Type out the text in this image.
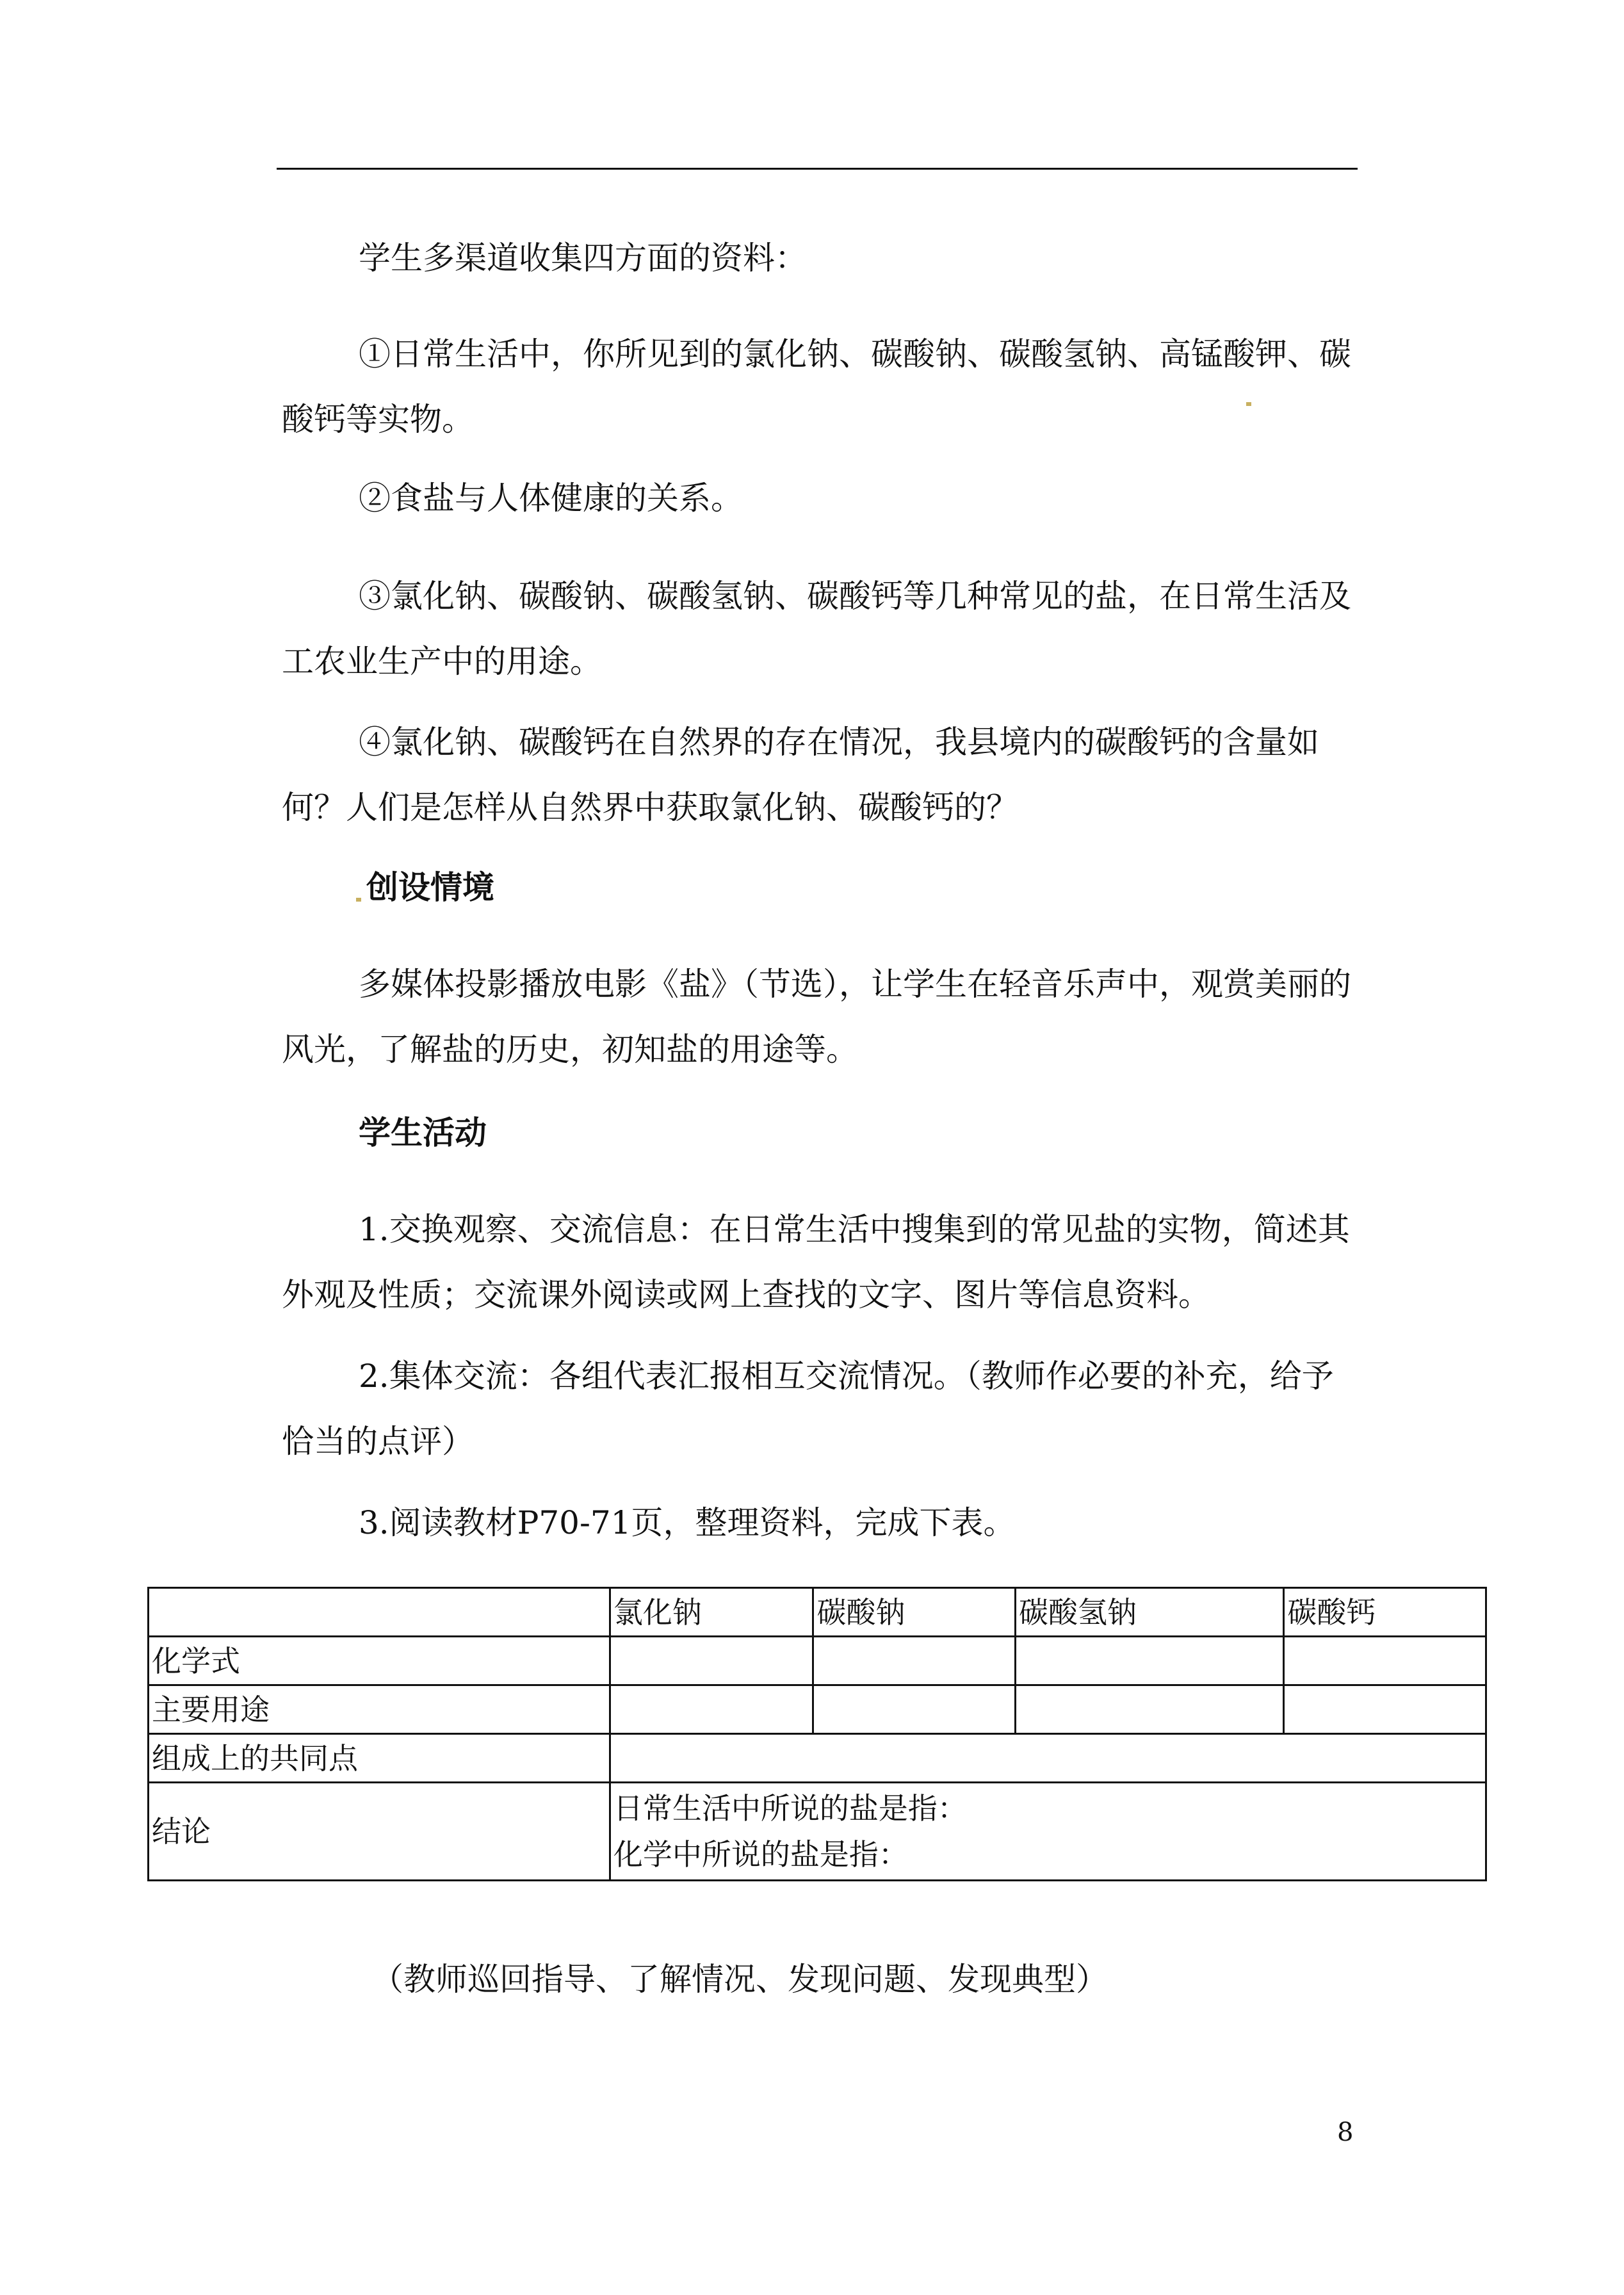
学生多渠道收集四方面的资料：

①日常生活中，你所见到的氯化钠、碳酸钠、碳酸氢钠、高锰酸钾、碳酸钙等实物。

②食盐与人体健康的关系。

③氯化钠、碳酸钠、碳酸氢钠、碳酸钙等几种常见的盐，在日常生活及工农业生产中的用途。

④氯化钠、碳酸钙在自然界的存在情况，我县境内的碳酸钙的含量如何？人们是怎样从自然界中获取氯化钠、碳酸钙的？

创设情境

多媒体投影播放电影《盐》（节选），让学生在轻音乐声中，观赏美丽的风光，了解盐的历史，初知盐的用途等。

学生活动

1.交换观察、交流信息：在日常生活中搜集到的常见盐的实物，简述其外观及性质；交流课外阅读或网上查找的文字、图片等信息资料。

2.集体交流：各组代表汇报相互交流情况。（教师作必要的补充，给予恰当的点评）

3.阅读教材P70-71页，整理资料，完成下表。

	氯化钠	碳酸钠	碳酸氢钠	碳酸钙
化学式				
主要用途				
组成上的共同点				
结论	日常生活中所说的盐是指：
化学中所说的盐是指：			

（教师巡回指导、了解情况、发现问题、发现典型）

8
